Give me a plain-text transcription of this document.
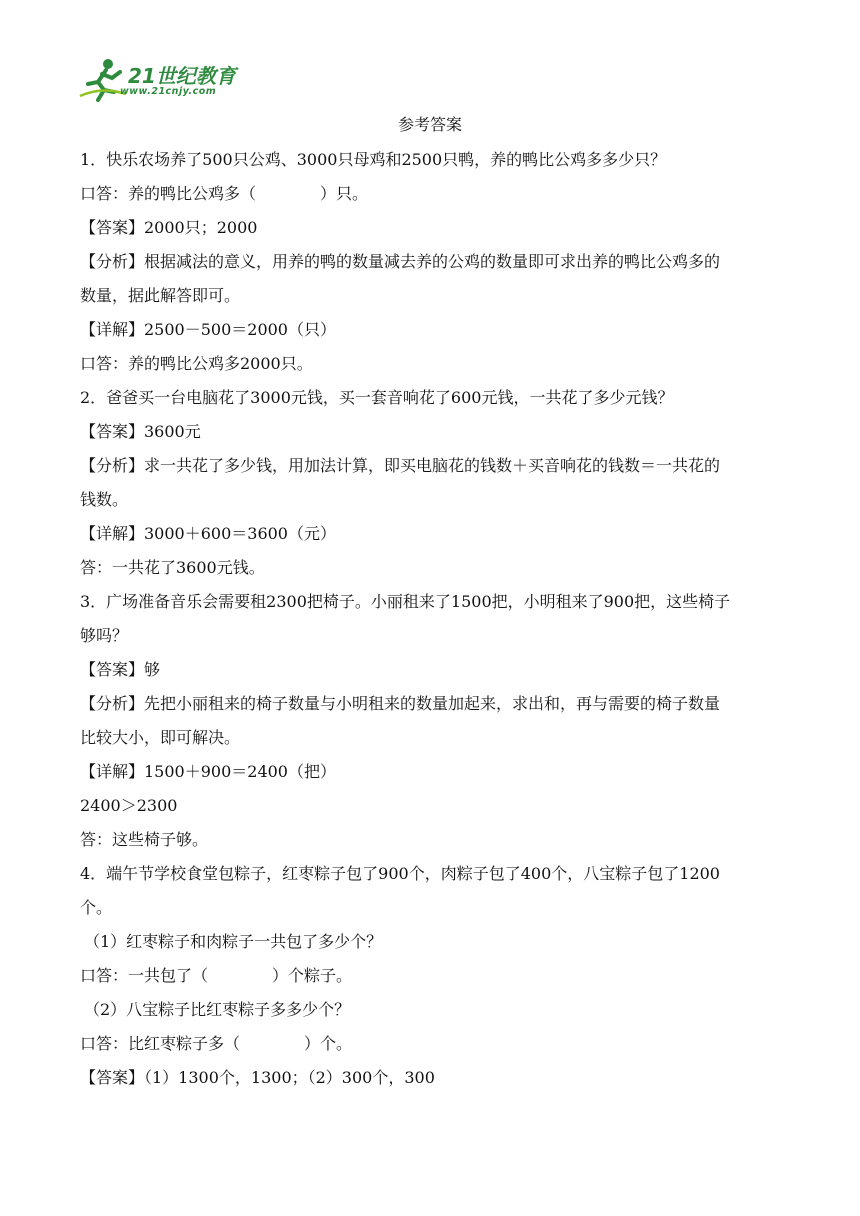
21世纪教育
www.21cnjy.com
参考答案
1．快乐农场养了500只公鸡、3000只母鸡和2500只鸭，养的鸭比公鸡多多少只？
口答：养的鸭比公鸡多（　　　　）只。
【答案】2000只；2000
【分析】根据减法的意义，用养的鸭的数量减去养的公鸡的数量即可求出养的鸭比公鸡多的
数量，据此解答即可。
【详解】2500－500＝2000（只）
口答：养的鸭比公鸡多2000只。
2．爸爸买一台电脑花了3000元钱，买一套音响花了600元钱，一共花了多少元钱？
【答案】3600元
【分析】求一共花了多少钱，用加法计算，即买电脑花的钱数＋买音响花的钱数＝一共花的
钱数。
【详解】3000＋600＝3600（元）
答：一共花了3600元钱。
3．广场准备音乐会需要租2300把椅子。小丽租来了1500把，小明租来了900把，这些椅子
够吗？
【答案】够
【分析】先把小丽租来的椅子数量与小明租来的数量加起来，求出和，再与需要的椅子数量
比较大小，即可解决。
【详解】1500＋900＝2400（把）
2400＞2300
答：这些椅子够。
4．端午节学校食堂包粽子，红枣粽子包了900个，肉粽子包了400个，八宝粽子包了1200
个。
（1）红枣粽子和肉粽子一共包了多少个？
口答：一共包了（　　　　）个粽子。
（2）八宝粽子比红枣粽子多多少个？
口答：比红枣粽子多（　　　　）个。
【答案】（1）1300个，1300；（2）300个，300
